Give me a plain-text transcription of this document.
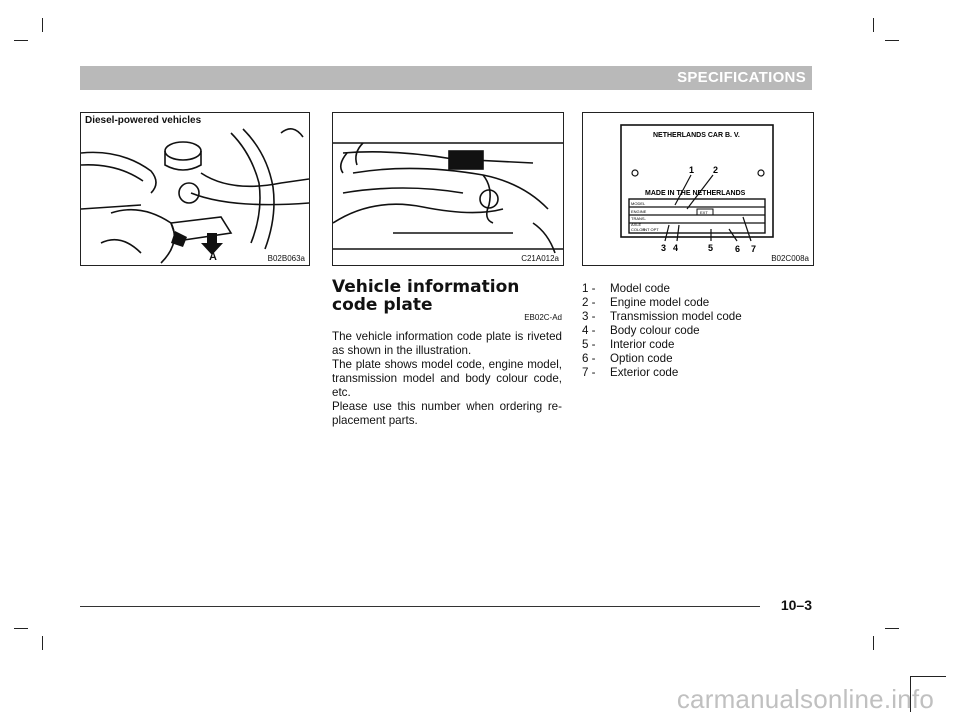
SPECIFICATIONS
Diesel-powered vehicles
A	B02B063a	C21A012a
NETHERLANDS CAR B. V.
MADE IN THE NETHERLANDS
MODEL
ENGINE
TRANS-
AXLE
COLOR
INT OPT
EXT
1 2
3 4	5 6 7
B02C008a
Vehicle information code plate
EB02C-Ad

The vehicle information code plate is riveted as shown in the illustration.

The plate shows model code, engine model, transmission model and body colour code, etc.

Please use this number when ordering re-placement parts.

1 -	Model code
2 -	Engine model code
3 -	Transmission model code
4 -	Body colour code
5 -	Interior code
6 -	Option code
7 -	Exterior code
10–3
carmanualsonline.info
